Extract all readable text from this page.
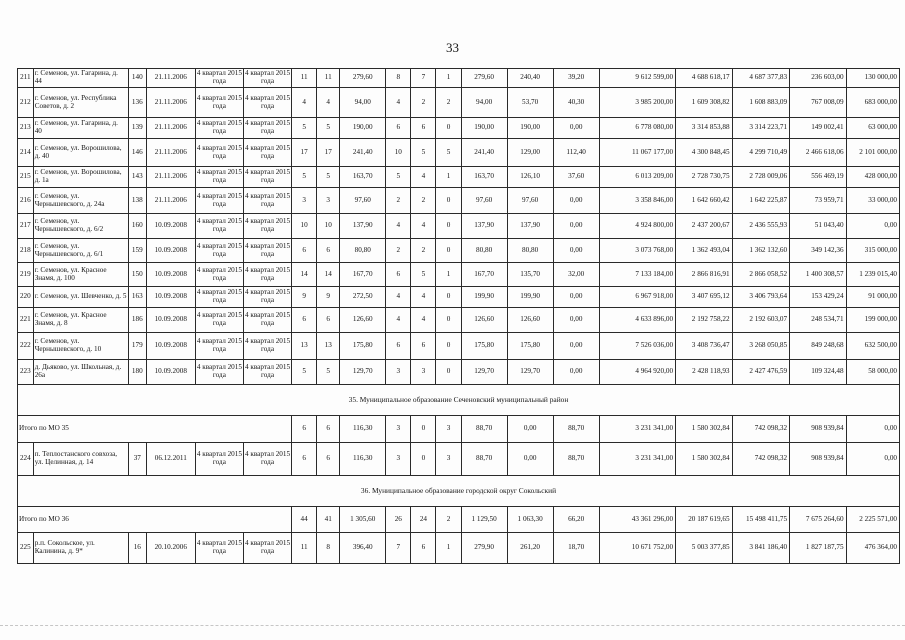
33
211	г. Семенов, ул. Гагарина, д. 44	140	21.11.2006	4 квартал 2015 года	4 квартал 2015 года	11	11	279,60	8	7	1	279,60	240,40	39,20	9 612 599,00	4 688 618,17	4 687 377,83	236 603,00	130 000,00
212	г. Семенов, ул. Республика Советов, д. 2	136	21.11.2006	4 квартал 2015 года	4 квартал 2015 года	4	4	94,00	4	2	2	94,00	53,70	40,30	3 985 200,00	1 609 308,82	1 608 883,09	767 008,09	683 000,00
213	г. Семенов, ул. Гагарина, д. 40	139	21.11.2006	4 квартал 2015 года	4 квартал 2015 года	5	5	190,00	6	6	0	190,00	190,00	0,00	6 778 080,00	3 314 853,88	3 314 223,71	149 002,41	63 000,00
214	г. Семенов, ул. Ворошилова, д. 40	146	21.11.2006	4 квартал 2015 года	4 квартал 2015 года	17	17	241,40	10	5	5	241,40	129,00	112,40	11 067 177,00	4 300 848,45	4 299 710,49	2 466 618,06	2 101 000,00
215	г. Семенов, ул. Ворошилова, д. 1а	143	21.11.2006	4 квартал 2015 года	4 квартал 2015 года	5	5	163,70	5	4	1	163,70	126,10	37,60	6 013 209,00	2 728 730,75	2 728 009,06	556 469,19	428 000,00
216	г. Семенов, ул. Чернышевского, д. 24а	138	21.11.2006	4 квартал 2015 года	4 квартал 2015 года	3	3	97,60	2	2	0	97,60	97,60	0,00	3 358 846,00	1 642 660,42	1 642 225,87	73 959,71	33 000,00
217	г. Семенов, ул. Чернышевского, д. 6/2	160	10.09.2008	4 квартал 2015 года	4 квартал 2015 года	10	10	137,90	4	4	0	137,90	137,90	0,00	4 924 800,00	2 437 200,67	2 436 555,93	51 043,40	0,00
218	г. Семенов, ул. Чернышевского, д. 6/1	159	10.09.2008	4 квартал 2015 года	4 квартал 2015 года	6	6	80,80	2	2	0	80,80	80,80	0,00	3 073 768,00	1 362 493,04	1 362 132,60	349 142,36	315 000,00
219	г. Семенов, ул. Красное Знамя, д. 100	150	10.09.2008	4 квартал 2015 года	4 квартал 2015 года	14	14	167,70	6	5	1	167,70	135,70	32,00	7 133 184,00	2 866 816,91	2 866 058,52	1 400 308,57	1 239 015,40
220	г. Семенов, ул. Шевченко, д. 5	163	10.09.2008	4 квартал 2015 года	4 квартал 2015 года	9	9	272,50	4	4	0	199,90	199,90	0,00	6 967 918,00	3 407 695,12	3 406 793,64	153 429,24	91 000,00
221	г. Семенов, ул. Красное Знамя, д. 8	186	10.09.2008	4 квартал 2015 года	4 квартал 2015 года	6	6	126,60	4	4	0	126,60	126,60	0,00	4 633 896,00	2 192 758,22	2 192 603,07	248 534,71	199 000,00
222	г. Семенов, ул. Чернышевского, д. 10	179	10.09.2008	4 квартал 2015 года	4 квартал 2015 года	13	13	175,80	6	6	0	175,80	175,80	0,00	7 526 036,00	3 408 736,47	3 268 050,85	849 248,68	632 500,00
223	д. Дьяково, ул. Школьная, д. 26а	180	10.09.2008	4 квартал 2015 года	4 квартал 2015 года	5	5	129,70	3	3	0	129,70	129,70	0,00	4 964 920,00	2 428 118,93	2 427 476,59	109 324,48	58 000,00
35. Муниципальное образование Сеченовский муниципальный район																			
Итого по МО 35						6	6	116,30	3	0	3	88,70	0,00	88,70	3 231 341,00	1 580 302,84	742 098,32	908 939,84	0,00
224	п. Теплостанского совхоза, ул. Целинная, д. 14	37	06.12.2011	4 квартал 2015 года	4 квартал 2015 года	6	6	116,30	3	0	3	88,70	0,00	88,70	3 231 341,00	1 580 302,84	742 098,32	908 939,84	0,00
36. Муниципальное образование городской округ Сокольский																			
Итого по МО 36						44	41	1 305,60	26	24	2	1 129,50	1 063,30	66,20	43 361 296,00	20 187 619,65	15 498 411,75	7 675 264,60	2 225 571,00
225	р.п. Сокольское, ул. Калинина, д. 9*	16	20.10.2006	4 квартал 2015 года	4 квартал 2015 года	11	8	396,40	7	6	1	279,90	261,20	18,70	10 671 752,00	5 003 377,85	3 841 186,40	1 827 187,75	476 364,00
